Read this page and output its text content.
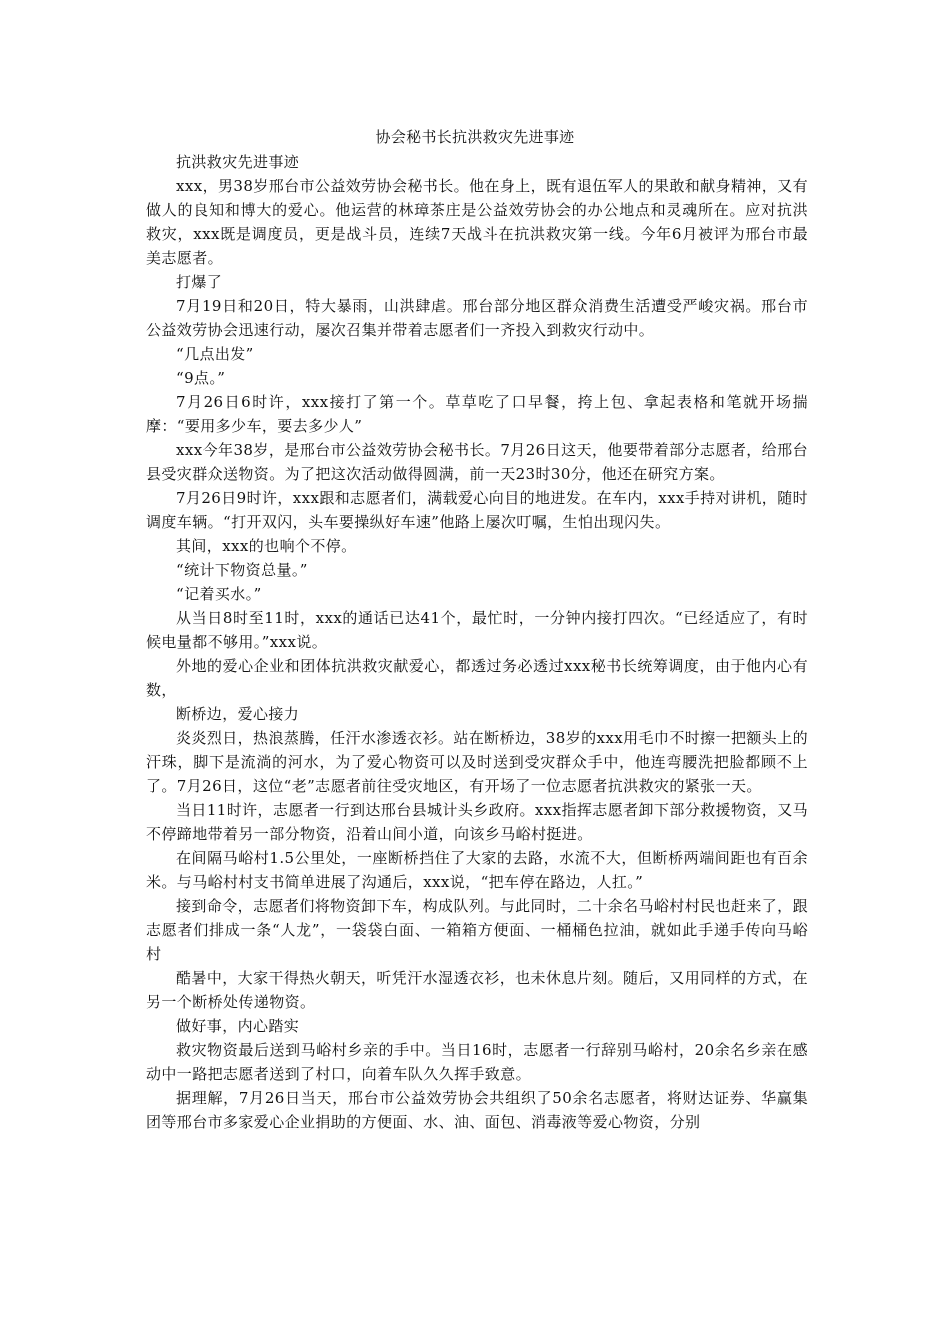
协会秘书长抗洪救灾先进事迹

抗洪救灾先进事迹

xxx，男38岁邢台市公益效劳协会秘书长。他在身上，既有退伍军人的果敢和献身精神，又有做人的良知和博大的爱心。他运营的林璋茶庄是公益效劳协会的办公地点和灵魂所在。应对抗洪救灾，xxx既是调度员，更是战斗员，连续7天战斗在抗洪救灾第一线。今年6月被评为邢台市最美志愿者。

打爆了

7月19日和20日，特大暴雨，山洪肆虐。邢台部分地区群众消费生活遭受严峻灾祸。邢台市公益效劳协会迅速行动，屡次召集并带着志愿者们一齐投入到救灾行动中。

“几点出发”

“9点。”

7月26日6时许，xxx接打了第一个。草草吃了口早餐，挎上包、拿起表格和笔就开场揣摩：“要用多少车，要去多少人”

xxx今年38岁，是邢台市公益效劳协会秘书长。7月26日这天，他要带着部分志愿者，给邢台县受灾群众送物资。为了把这次活动做得圆满，前一天23时30分，他还在研究方案。

7月26日9时许，xxx跟和志愿者们，满载爱心向目的地进发。在车内，xxx手持对讲机，随时调度车辆。“打开双闪，头车要操纵好车速”他路上屡次叮嘱，生怕出现闪失。

其间，xxx的也响个不停。

“统计下物资总量。”

“记着买水。”

从当日8时至11时，xxx的通话已达41个，最忙时，一分钟内接打四次。“已经适应了，有时候电量都不够用。”xxx说。

外地的爱心企业和团体抗洪救灾献爱心，都透过务必透过xxx秘书长统筹调度，由于他内心有数，

断桥边，爱心接力

炎炎烈日，热浪蒸腾，任汗水渗透衣衫。站在断桥边，38岁的xxx用毛巾不时擦一把额头上的汗珠，脚下是流淌的河水，为了爱心物资可以及时送到受灾群众手中，他连弯腰洗把脸都顾不上了。7月26日，这位“老”志愿者前往受灾地区，有开场了一位志愿者抗洪救灾的紧张一天。

当日11时许，志愿者一行到达邢台县城计头乡政府。xxx指挥志愿者卸下部分救援物资，又马不停蹄地带着另一部分物资，沿着山间小道，向该乡马峪村挺进。

在间隔马峪村1.5公里处，一座断桥挡住了大家的去路，水流不大，但断桥两端间距也有百余米。与马峪村村支书简单进展了沟通后，xxx说，“把车停在路边，人扛。”

接到命令，志愿者们将物资卸下车，构成队列。与此同时，二十余名马峪村村民也赶来了，跟志愿者们排成一条“人龙”，一袋袋白面、一箱箱方便面、一桶桶色拉油，就如此手递手传向马峪村

酷暑中，大家干得热火朝天，听凭汗水湿透衣衫，也未休息片刻。随后，又用同样的方式，在另一个断桥处传递物资。

做好事，内心踏实

救灾物资最后送到马峪村乡亲的手中。当日16时，志愿者一行辞别马峪村，20余名乡亲在感动中一路把志愿者送到了村口，向着车队久久挥手致意。

据理解，7月26日当天，邢台市公益效劳协会共组织了50余名志愿者，将财达证券、华赢集团等邢台市多家爱心企业捐助的方便面、水、油、面包、消毒液等爱心物资，分别
